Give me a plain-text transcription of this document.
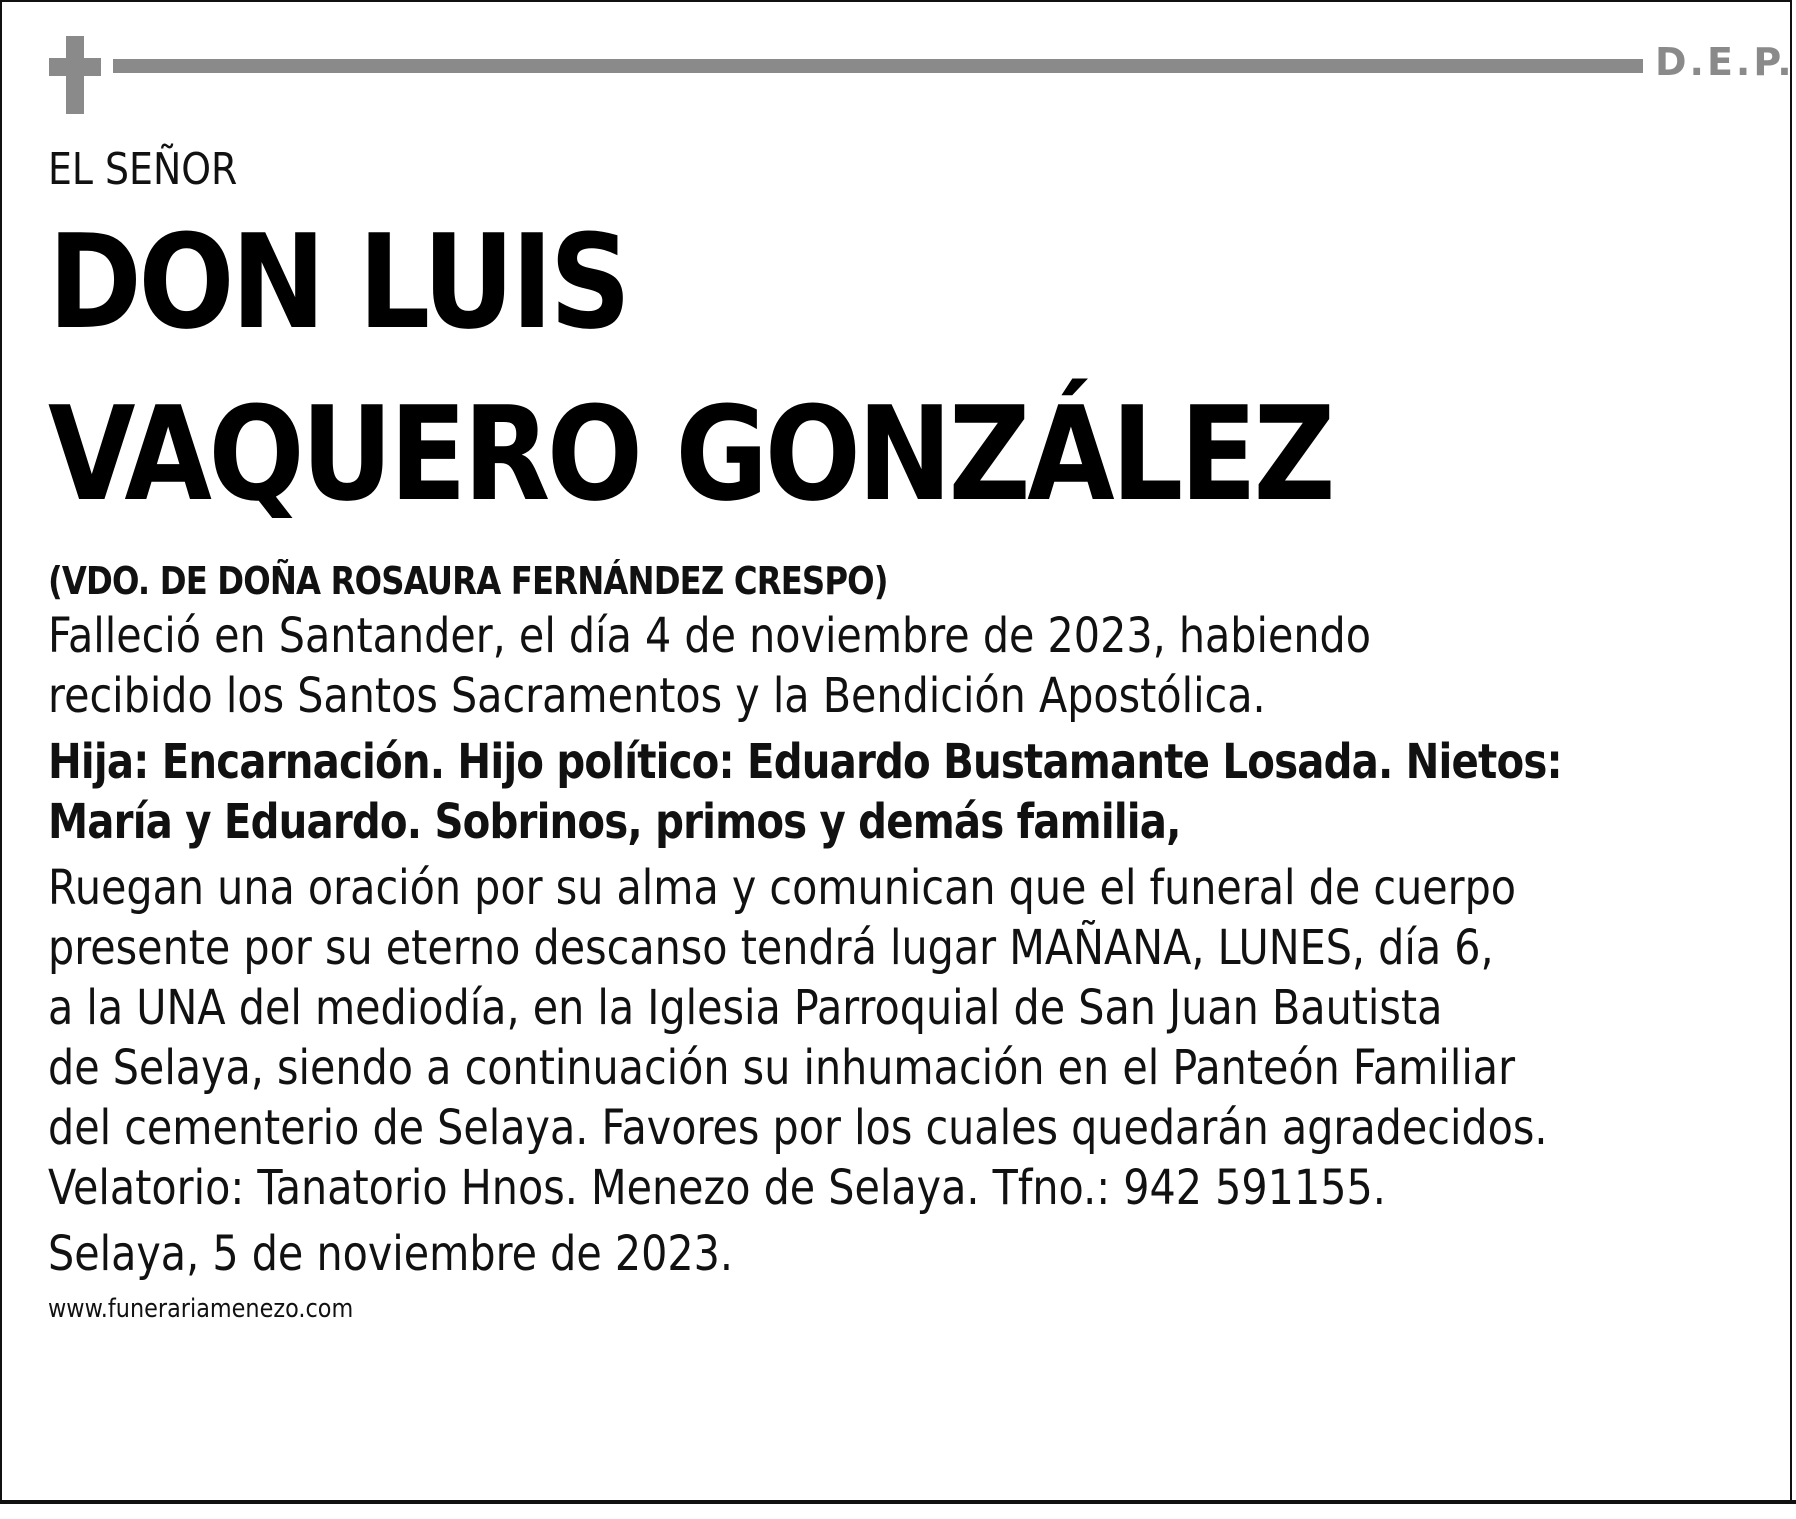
D.E.P.
EL SEÑOR
DON LUIS
VAQUERO GONZÁLEZ
(VDO. DE DOÑA ROSAURA FERNÁNDEZ CRESPO)
Falleció en Santander, el día 4 de noviembre de 2023, habiendo
recibido los Santos Sacramentos y la Bendición Apostólica.
Hija: Encarnación. Hijo político: Eduardo Bustamante Losada. Nietos:
María y Eduardo. Sobrinos, primos y demás familia,
Ruegan una oración por su alma y comunican que el funeral de cuerpo
presente por su eterno descanso tendrá lugar MAÑANA, LUNES, día 6,
a la UNA del mediodía, en la Iglesia Parroquial de San Juan Bautista
de Selaya, siendo a continuación su inhumación en el Panteón Familiar
del cementerio de Selaya. Favores por los cuales quedarán agradecidos.
Velatorio: Tanatorio Hnos. Menezo de Selaya. Tfno.: 942 591155.
Selaya, 5 de noviembre de 2023.
www.funerariamenezo.com
